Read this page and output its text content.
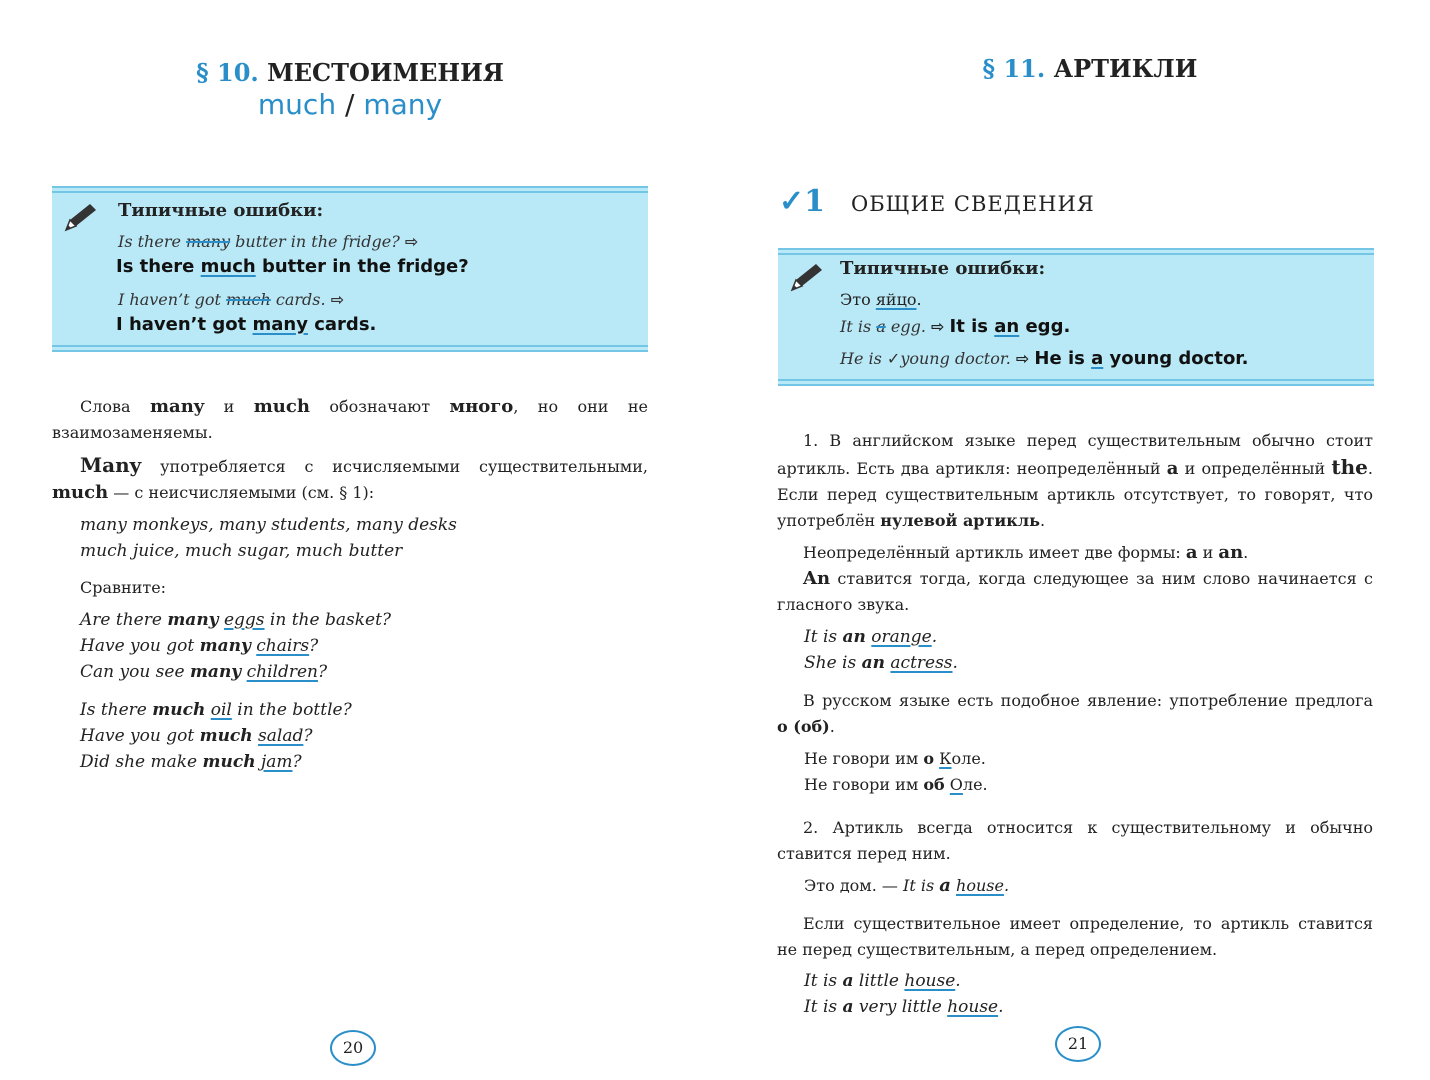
§ 10. МЕСТОИМЕНИЯ
much / many
Типичные ошибки:
Is there many butter in the fridge? ⇨
Is there much butter in the fridge?
I haven’t got much cards. ⇨
I haven’t got many cards.
Слова many и much обозначают много, но они не взаимозаменяемы.
Many употребляется с исчисляемыми существительными, much — с неисчисляемыми (см. § 1):
many monkeys, many students, many desks
much juice, much sugar, much butter
Сравните:
Are there many eggs in the basket?
Have you got many chairs?
Can you see many children?
Is there much oil in the bottle?
Have you got much salad?
Did she make much jam?
20
§ 11. АРТИКЛИ
✓1 ОБЩИЕ СВЕДЕНИЯ
Типичные ошибки:
Это яйцо.
It is a egg. ⇨ It is an egg.
He is ✓young doctor. ⇨ He is a young doctor.
1. В английском языке перед существительным обычно стоит артикль. Есть два артикля: неопределённый a и определённый the. Если перед существительным артикль отсутствует, то говорят, что употреблён нулевой артикль.
Неопределённый артикль имеет две формы: a и an.
An ставится тогда, когда следующее за ним слово начинается с гласного звука.
It is an orange.
She is an actress.
В русском языке есть подобное явление: употребление предлога о (об).
Не говори им о Коле.
Не говори им об Оле.
2. Артикль всегда относится к существительному и обычно ставится перед ним.
Это дом. — It is a house.
Если существительное имеет определение, то артикль ставится не перед существительным, а перед определением.
It is a little house.
It is a very little house.
21
